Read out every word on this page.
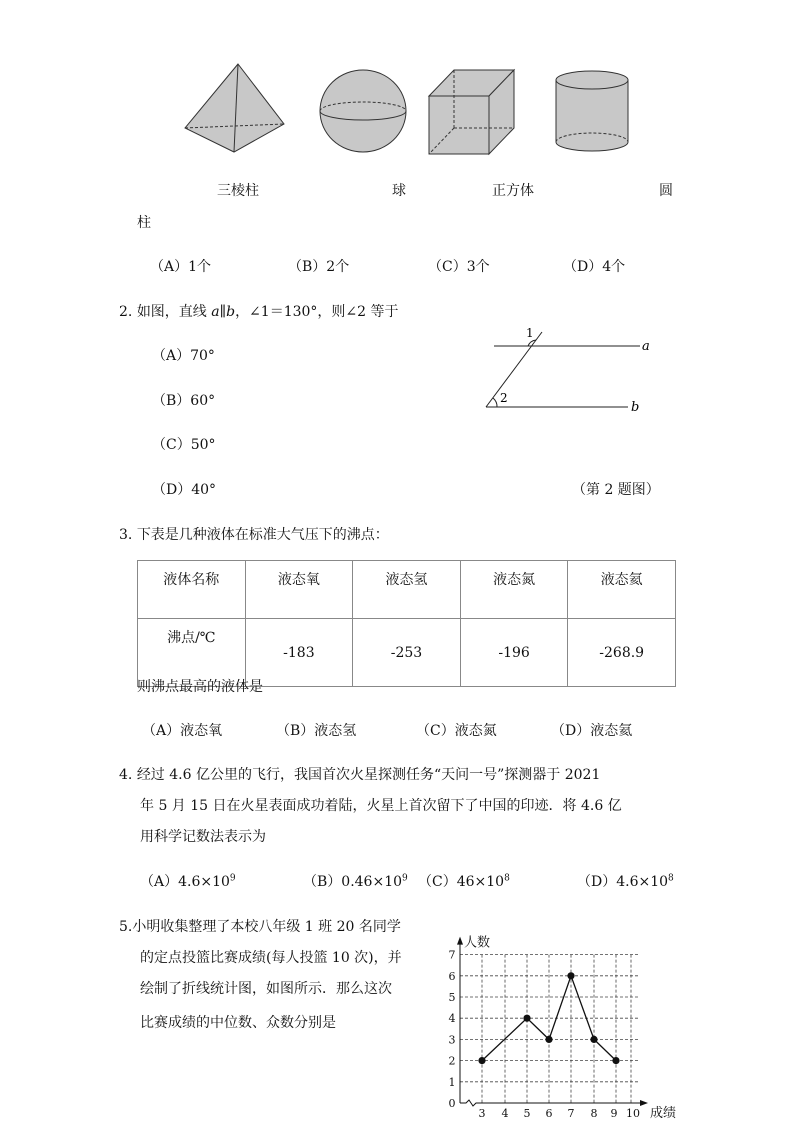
三棱柱	球	正方体	圆
柱
（A）1个	（B）2个	（C）3个	（D）4个
2. 如图，直线 a∥b，∠1＝130°，则∠2 等于
（A）70°
（B）60°
（C）50°
（D）40°
1
2
a
b
（第 2 题图）
3. 下表是几种液体在标准大气压下的沸点：
液体名称	液态氧	液态氢	液态氮	液态氦
沸点/℃	-183	-253	-196	-268.9
则沸点最高的液体是
（A）液态氧	（B）液态氢	（C）液态氮	（D）液态氦
4. 经过 4.6 亿公里的飞行，我国首次火星探测任务“天问一号”探测器于 2021
年 5 月 15 日在火星表面成功着陆，火星上首次留下了中国的印迹．将 4.6 亿
用科学记数法表示为
$(A)4.6\times 10^9$	$(B)0.46\times 10^9$ $(C)46\times 10^8$	$(D)4.6\times 10^8$
5.小明收集整理了本校八年级 1 班 20 名同学
的定点投篮比赛成绩(每人投篮 10 次)，并
绘制了折线统计图，如图所示．那么这次
比赛成绩的中位数、众数分别是
0
1
2
3
4
5
6
7
3 4 5 6 7 8 9 10
人数
成绩
